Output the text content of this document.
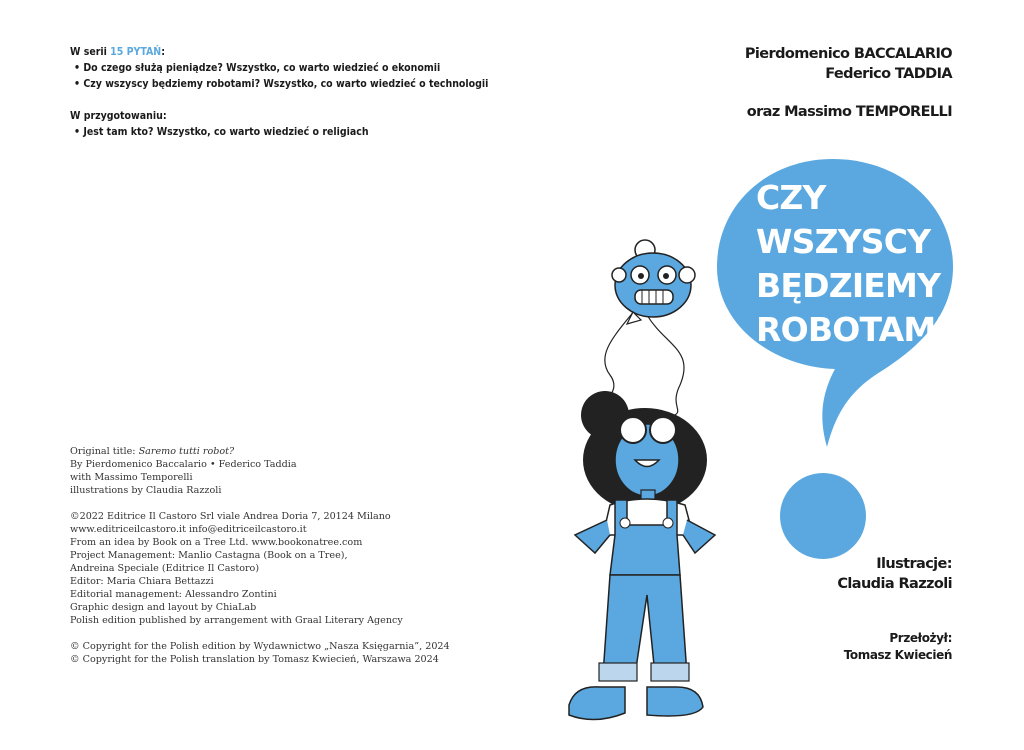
W serii 15 PYTAŃ:
• Do czego służą pieniądze? Wszystko, co warto wiedzieć o ekonomii
• Czy wszyscy będziemy robotami? Wszystko, co warto wiedzieć o technologii
W przygotowaniu:
• Jest tam kto? Wszystko, co warto wiedzieć o religiach
Original title: Saremo tutti robot?
By Pierdomenico Baccalario • Federico Taddia
with Massimo Temporelli
illustrations by Claudia Razzoli
©2022 Editrice Il Castoro Srl viale Andrea Doria 7, 20124 Milano
www.editriceilcastoro.it info@editriceilcastoro.it
From an idea by Book on a Tree Ltd. www.bookonatree.com
Project Management: Manlio Castagna (Book on a Tree),
Andreina Speciale (Editrice Il Castoro)
Editor: Maria Chiara Bettazzi
Editorial management: Alessandro Zontini
Graphic design and layout by ChiaLab
Polish edition published by arrangement with Graal Literary Agency
© Copyright for the Polish edition by Wydawnictwo „Nasza Księgarnia”, 2024
© Copyright for the Polish translation by Tomasz Kwiecień, Warszawa 2024
Pierdomenico BACCALARIO
Federico TADDIA
oraz Massimo TEMPORELLI
CZY
WSZYSCY
BĘDZIEMY
ROBOTAMI?
Ilustracje:
Claudia Razzoli
Przełożył:
Tomasz Kwiecień
